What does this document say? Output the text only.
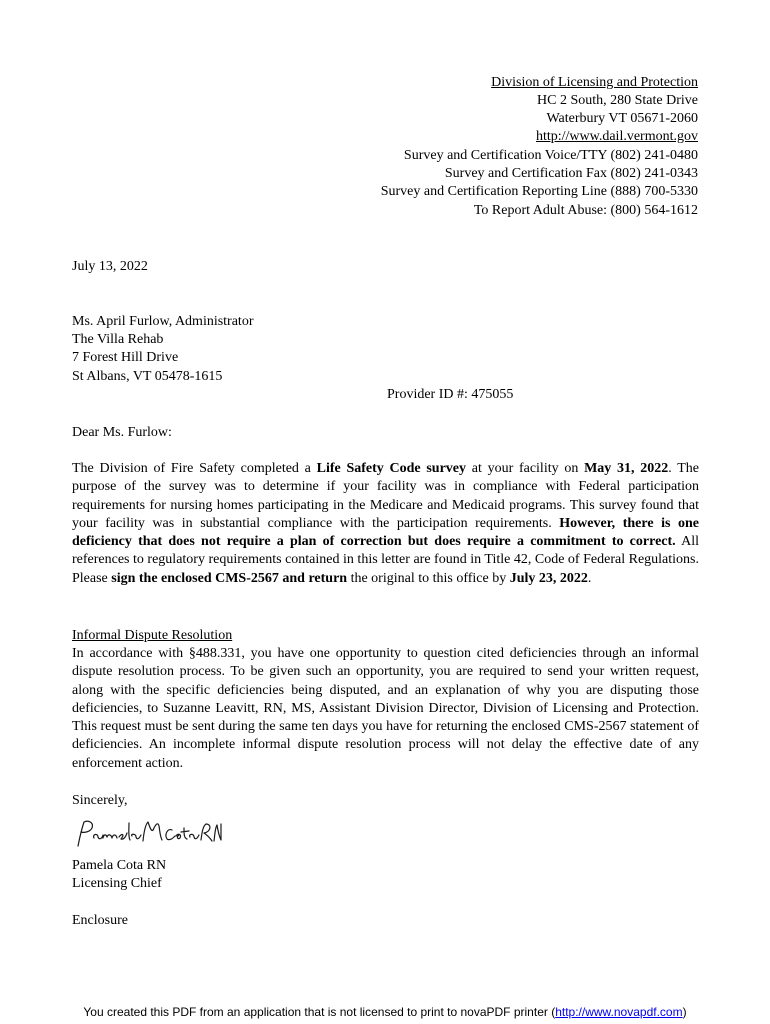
Division of Licensing and Protection
HC 2 South, 280 State Drive
Waterbury VT 05671-2060
http://www.dail.vermont.gov
Survey and Certification Voice/TTY (802) 241-0480
Survey and Certification Fax (802) 241-0343
Survey and Certification Reporting Line (888) 700-5330
To Report Adult Abuse: (800) 564-1612
July 13, 2022
Ms. April Furlow, Administrator
The Villa Rehab
7 Forest Hill Drive
St Albans, VT 05478-1615
Provider ID #: 475055
Dear Ms. Furlow:
The Division of Fire Safety completed a Life Safety Code survey at your facility on May 31, 2022. The purpose of the survey was to determine if your facility was in compliance with Federal participation requirements for nursing homes participating in the Medicare and Medicaid programs. This survey found that your facility was in substantial compliance with the participation requirements. However, there is one deficiency that does not require a plan of correction but does require a commitment to correct. All references to regulatory requirements contained in this letter are found in Title 42, Code of Federal Regulations. Please sign the enclosed CMS-2567 and return the original to this office by July 23, 2022.
Informal Dispute Resolution
In accordance with §488.331, you have one opportunity to question cited deficiencies through an informal dispute resolution process. To be given such an opportunity, you are required to send your written request, along with the specific deficiencies being disputed, and an explanation of why you are disputing those deficiencies, to Suzanne Leavitt, RN, MS, Assistant Division Director, Division of Licensing and Protection. This request must be sent during the same ten days you have for returning the enclosed CMS-2567 statement of deficiencies. An incomplete informal dispute resolution process will not delay the effective date of any enforcement action.
Sincerely,
Pamela Cota RN
Licensing Chief
Enclosure
You created this PDF from an application that is not licensed to print to novaPDF printer (http://www.novapdf.com)
